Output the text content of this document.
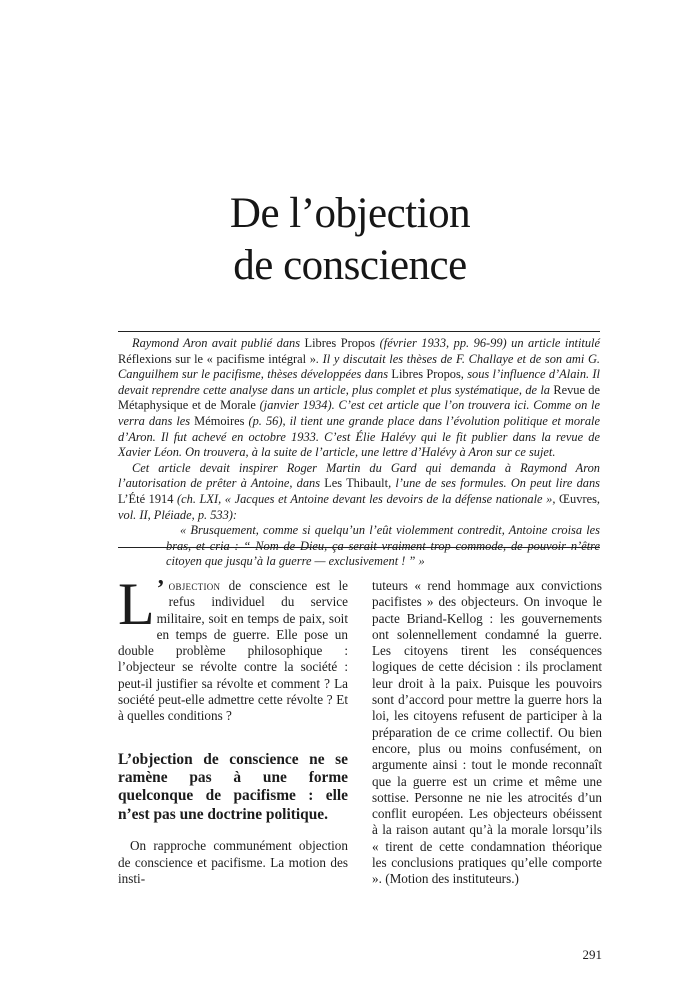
De l’objection
de conscience

Raymond Aron avait publié dans Libres Propos (février 1933, pp. 96-99) un article intitulé Réflexions sur le « pacifisme intégral ». Il y discutait les thèses de F. Challaye et de son ami G. Canguilhem sur le pacifisme, thèses développées dans Libres Propos, sous l’influence d’Alain. Il devait reprendre cette analyse dans un article, plus complet et plus systématique, de la Revue de Métaphysique et de Morale (janvier 1934). C’est cet article que l’on trouvera ici. Comme on le verra dans les Mémoires (p. 56), il tient une grande place dans l’évolution politique et morale d’Aron. Il fut achevé en octobre 1933. C’est Élie Halévy qui le fit publier dans la revue de Xavier Léon. On trouvera, à la suite de l’article, une lettre d’Halévy à Aron sur ce sujet.

Cet article devait inspirer Roger Martin du Gard qui demanda à Raymond Aron l’autorisation de prêter à Antoine, dans Les Thibault, l’une de ses formules. On peut lire dans L’Été 1914 (ch. LXI, « Jacques et Antoine devant les devoirs de la défense nationale », Œuvres, vol. II, Pléiade, p. 533):

« Brusquement, comme si quelqu’un l’eût violemment contredit, Antoine croisa les bras, et cria : “ Nom de Dieu, ça serait vraiment trop commode, de pouvoir n’être citoyen que jusqu’à la guerre — exclusivement ! ” »

L ’ objection de conscience est le refus individuel du service militaire, soit en temps de paix, soit en temps de guerre. Elle pose un double problème philosophique : l’objecteur se révolte contre la société : peut-il justifier sa révolte et comment ? La société peut-elle admettre cette révolte ? Et à quelles conditions ?

L’objection de conscience ne se ramène pas à une forme quelconque de pacifisme : elle n’est pas une doctrine politique.

On rapproche communément objection de conscience et pacifisme. La motion des insti-

tuteurs « rend hommage aux convictions pacifistes » des objecteurs. On invoque le pacte Briand-Kellog : les gouvernements ont solennellement condamné la guerre. Les citoyens tirent les conséquences logiques de cette décision : ils proclament leur droit à la paix. Puisque les pouvoirs sont d’accord pour mettre la guerre hors la loi, les citoyens refusent de participer à la préparation de ce crime collectif. Ou bien encore, plus ou moins confusément, on argumente ainsi : tout le monde reconnaît que la guerre est un crime et même une sottise. Personne ne nie les atrocités d’un conflit européen. Les objecteurs obéissent à la raison autant qu’à la morale lorsqu’ils « tirent de cette condamnation théorique les conclusions pratiques qu’elle comporte ». (Motion des instituteurs.)

291
